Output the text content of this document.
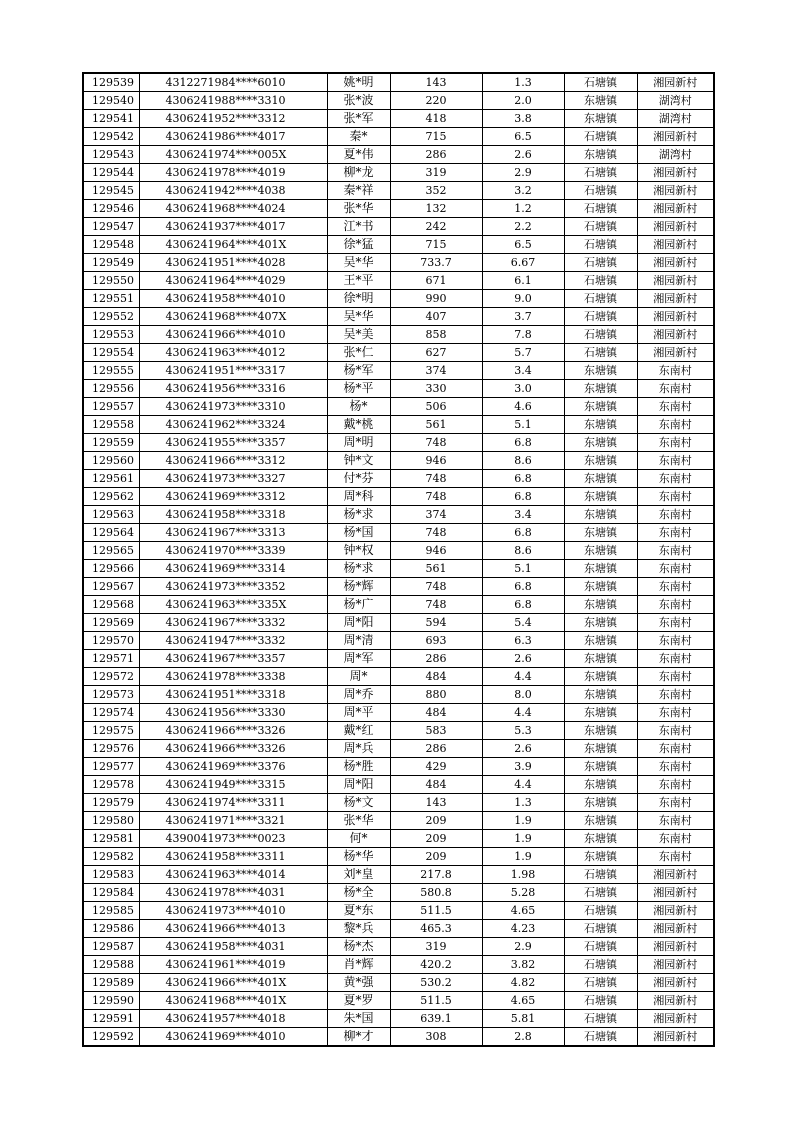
129539	4312271984****6010	姚*明	143	1.3	石塘镇	湘园新村
129540	4306241988****3310	张*波	220	2.0	东塘镇	湖湾村
129541	4306241952****3312	张*军	418	3.8	东塘镇	湖湾村
129542	4306241986****4017	秦*	715	6.5	石塘镇	湘园新村
129543	4306241974****005X	夏*伟	286	2.6	东塘镇	湖湾村
129544	4306241978****4019	柳*龙	319	2.9	石塘镇	湘园新村
129545	4306241942****4038	秦*祥	352	3.2	石塘镇	湘园新村
129546	4306241968****4024	张*华	132	1.2	石塘镇	湘园新村
129547	4306241937****4017	江*书	242	2.2	石塘镇	湘园新村
129548	4306241964****401X	徐*猛	715	6.5	石塘镇	湘园新村
129549	4306241951****4028	吴*华	733.7	6.67	石塘镇	湘园新村
129550	4306241964****4029	王*平	671	6.1	石塘镇	湘园新村
129551	4306241958****4010	徐*明	990	9.0	石塘镇	湘园新村
129552	4306241968****407X	吴*华	407	3.7	石塘镇	湘园新村
129553	4306241966****4010	吴*美	858	7.8	石塘镇	湘园新村
129554	4306241963****4012	张*仁	627	5.7	石塘镇	湘园新村
129555	4306241951****3317	杨*军	374	3.4	东塘镇	东南村
129556	4306241956****3316	杨*平	330	3.0	东塘镇	东南村
129557	4306241973****3310	杨*	506	4.6	东塘镇	东南村
129558	4306241962****3324	戴*桃	561	5.1	东塘镇	东南村
129559	4306241955****3357	周*明	748	6.8	东塘镇	东南村
129560	4306241966****3312	钟*文	946	8.6	东塘镇	东南村
129561	4306241973****3327	付*芬	748	6.8	东塘镇	东南村
129562	4306241969****3312	周*科	748	6.8	东塘镇	东南村
129563	4306241958****3318	杨*求	374	3.4	东塘镇	东南村
129564	4306241967****3313	杨*国	748	6.8	东塘镇	东南村
129565	4306241970****3339	钟*权	946	8.6	东塘镇	东南村
129566	4306241969****3314	杨*求	561	5.1	东塘镇	东南村
129567	4306241973****3352	杨*辉	748	6.8	东塘镇	东南村
129568	4306241963****335X	杨*广	748	6.8	东塘镇	东南村
129569	4306241967****3332	周*阳	594	5.4	东塘镇	东南村
129570	4306241947****3332	周*清	693	6.3	东塘镇	东南村
129571	4306241967****3357	周*军	286	2.6	东塘镇	东南村
129572	4306241978****3338	周*	484	4.4	东塘镇	东南村
129573	4306241951****3318	周*乔	880	8.0	东塘镇	东南村
129574	4306241956****3330	周*平	484	4.4	东塘镇	东南村
129575	4306241966****3326	戴*红	583	5.3	东塘镇	东南村
129576	4306241966****3326	周*兵	286	2.6	东塘镇	东南村
129577	4306241969****3376	杨*胜	429	3.9	东塘镇	东南村
129578	4306241949****3315	周*阳	484	4.4	东塘镇	东南村
129579	4306241974****3311	杨*文	143	1.3	东塘镇	东南村
129580	4306241971****3321	张*华	209	1.9	东塘镇	东南村
129581	4390041973****0023	何*	209	1.9	东塘镇	东南村
129582	4306241958****3311	杨*华	209	1.9	东塘镇	东南村
129583	4306241963****4014	刘*皇	217.8	1.98	石塘镇	湘园新村
129584	4306241978****4031	杨*全	580.8	5.28	石塘镇	湘园新村
129585	4306241973****4010	夏*东	511.5	4.65	石塘镇	湘园新村
129586	4306241966****4013	黎*兵	465.3	4.23	石塘镇	湘园新村
129587	4306241958****4031	杨*杰	319	2.9	石塘镇	湘园新村
129588	4306241961****4019	肖*辉	420.2	3.82	石塘镇	湘园新村
129589	4306241966****401X	黄*强	530.2	4.82	石塘镇	湘园新村
129590	4306241968****401X	夏*罗	511.5	4.65	石塘镇	湘园新村
129591	4306241957****4018	朱*国	639.1	5.81	石塘镇	湘园新村
129592	4306241969****4010	柳*才	308	2.8	石塘镇	湘园新村
